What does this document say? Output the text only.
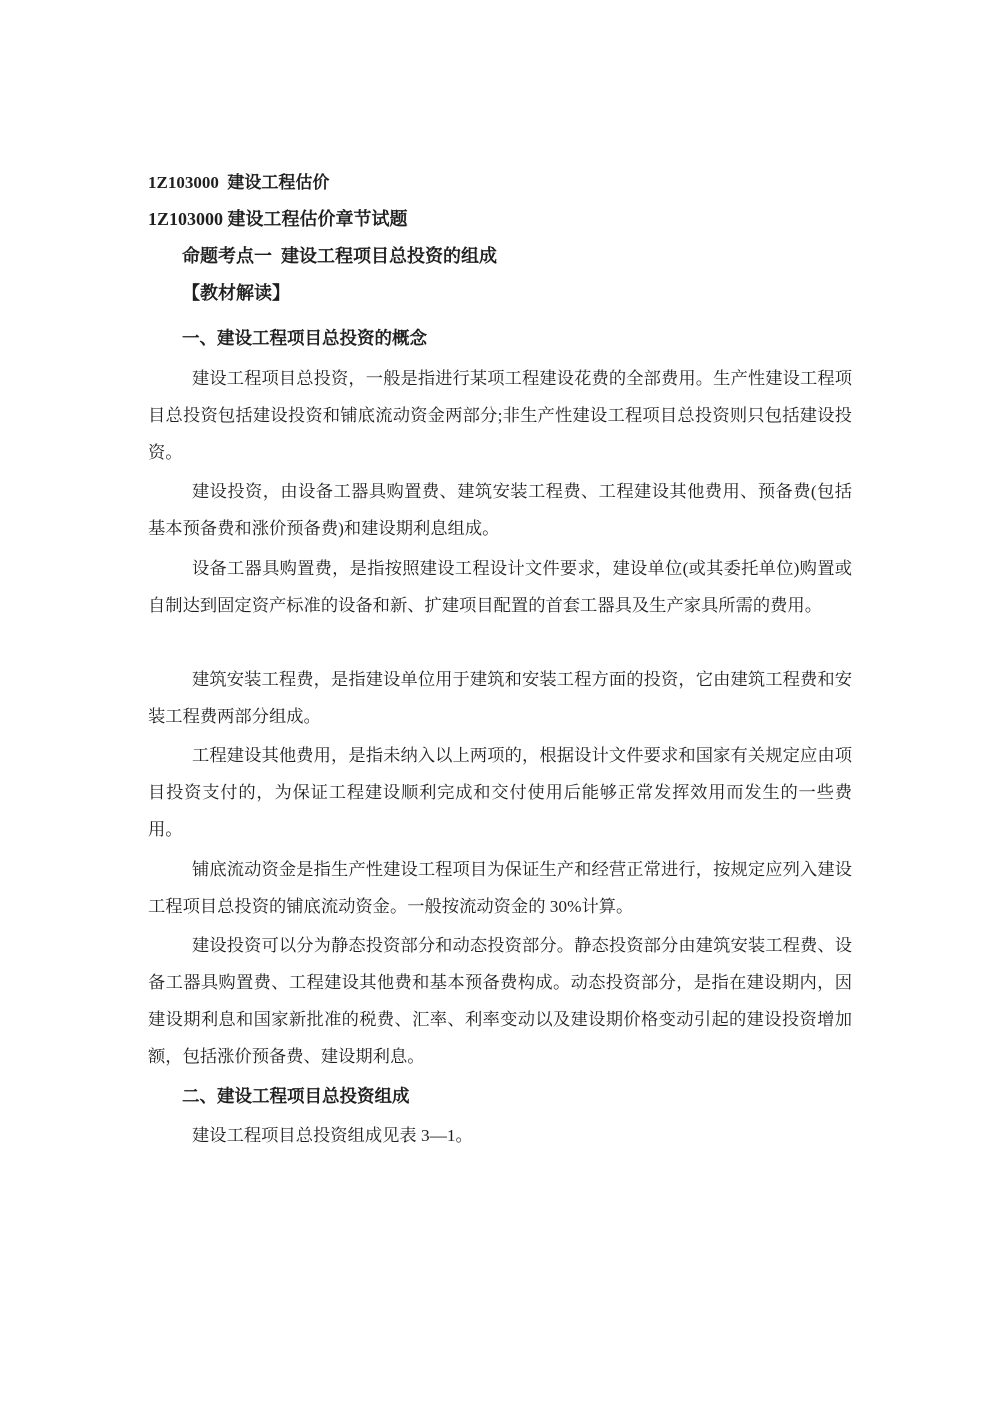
1Z103000  建设工程估价

1Z103000 建设工程估价章节试题

命题考点一  建设工程项目总投资的组成

【教材解读】

一、建设工程项目总投资的概念

建设工程项目总投资，一般是指进行某项工程建设花费的全部费用。生产性建设工程项目总投资包括建设投资和铺底流动资金两部分;非生产性建设工程项目总投资则只包括建设投资。

建设投资，由设备工器具购置费、建筑安装工程费、工程建设其他费用、预备费(包括基本预备费和涨价预备费)和建设期利息组成。

设备工器具购置费，是指按照建设工程设计文件要求，建设单位(或其委托单位)购置或自制达到固定资产标准的设备和新、扩建项目配置的首套工器具及生产家具所需的费用。

建筑安装工程费，是指建设单位用于建筑和安装工程方面的投资，它由建筑工程费和安装工程费两部分组成。

工程建设其他费用，是指未纳入以上两项的，根据设计文件要求和国家有关规定应由项目投资支付的，为保证工程建设顺利完成和交付使用后能够正常发挥效用而发生的一些费用。

铺底流动资金是指生产性建设工程项目为保证生产和经营正常进行，按规定应列入建设工程项目总投资的铺底流动资金。一般按流动资金的 30%计算。

建设投资可以分为静态投资部分和动态投资部分。静态投资部分由建筑安装工程费、设备工器具购置费、工程建设其他费和基本预备费构成。动态投资部分，是指在建设期内，因建设期利息和国家新批准的税费、汇率、利率变动以及建设期价格变动引起的建设投资增加额，包括涨价预备费、建设期利息。

二、建设工程项目总投资组成

建设工程项目总投资组成见表 3—1。
